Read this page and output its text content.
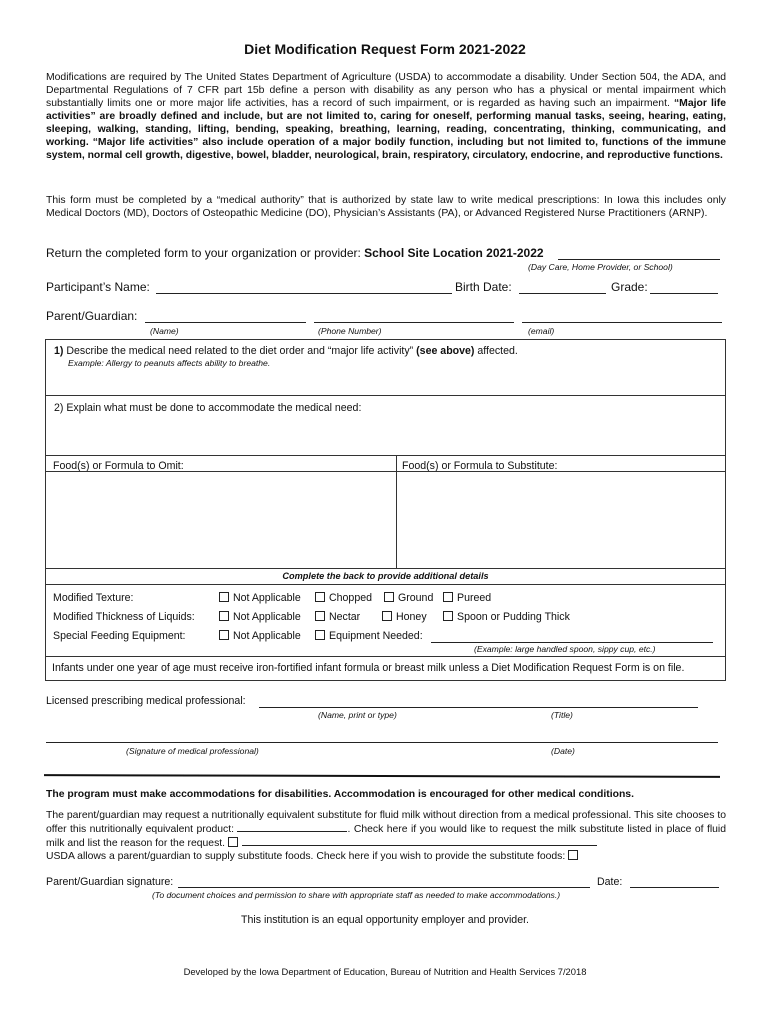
Diet Modification Request Form 2021-2022
Modifications are required by The United States Department of Agriculture (USDA) to accommodate a disability. Under Section 504, the ADA, and Departmental Regulations of 7 CFR part 15b define a person with disability as any person who has a physical or mental impairment which substantially limits one or more major life activities, has a record of such impairment, or is regarded as having such an impairment. “Major life activities” are broadly defined and include, but are not limited to, caring for oneself, performing manual tasks, seeing, hearing, eating, sleeping, walking, standing, lifting, bending, speaking, breathing, learning, reading, concentrating, thinking, communicating, and working. “Major life activities” also include operation of a major bodily function, including but not limited to, functions of the immune system, normal cell growth, digestive, bowel, bladder, neurological, brain, respiratory, circulatory, endocrine, and reproductive functions.
This form must be completed by a “medical authority” that is authorized by state law to write medical prescriptions: In Iowa this includes only Medical Doctors (MD), Doctors of Osteopathic Medicine (DO), Physician’s Assistants (PA), or Advanced Registered Nurse Practitioners (ARNP).
Return the completed form to your organization or provider: School Site Location 2021-2022
(Day Care, Home Provider, or School)
Participant’s Name:	Birth Date:	Grade:
Parent/Guardian:
(Name)	(Phone Number)	(email)
1) Describe the medical need related to the diet order and “major life activity” (see above) affected.
Example: Allergy to peanuts affects ability to breathe.
2) Explain what must be done to accommodate the medical need:
Food(s) or Formula to Omit:	Food(s) or Formula to Substitute:
Complete the back to provide additional details
Modified Texture:	Not Applicable	Chopped	Ground	Pureed
Modified Thickness of Liquids:	Not Applicable	Nectar	Honey	Spoon or Pudding Thick
Special Feeding Equipment:	Not Applicable	Equipment Needed:
(Example: large handled spoon, sippy cup, etc.)
Infants under one year of age must receive iron-fortified infant formula or breast milk unless a Diet Modification Request Form is on file.
Licensed prescribing medical professional:
(Name, print or type)	(Title)
(Signature of medical professional)	(Date)
The program must make accommodations for disabilities. Accommodation is encouraged for other medical conditions.
The parent/guardian may request a nutritionally equivalent substitute for fluid milk without direction from a medical professional. This site chooses to offer this nutritionally equivalent product:	. Check here if you would like to request the milk substitute listed in place of fluid milk and list the reason for the request.
USDA allows a parent/guardian to supply substitute foods. Check here if you wish to provide the substitute foods:
Parent/Guardian signature:	Date:
(To document choices and permission to share with appropriate staff as needed to make accommodations.)
This institution is an equal opportunity employer and provider.
Developed by the Iowa Department of Education, Bureau of Nutrition and Health Services 7/2018
